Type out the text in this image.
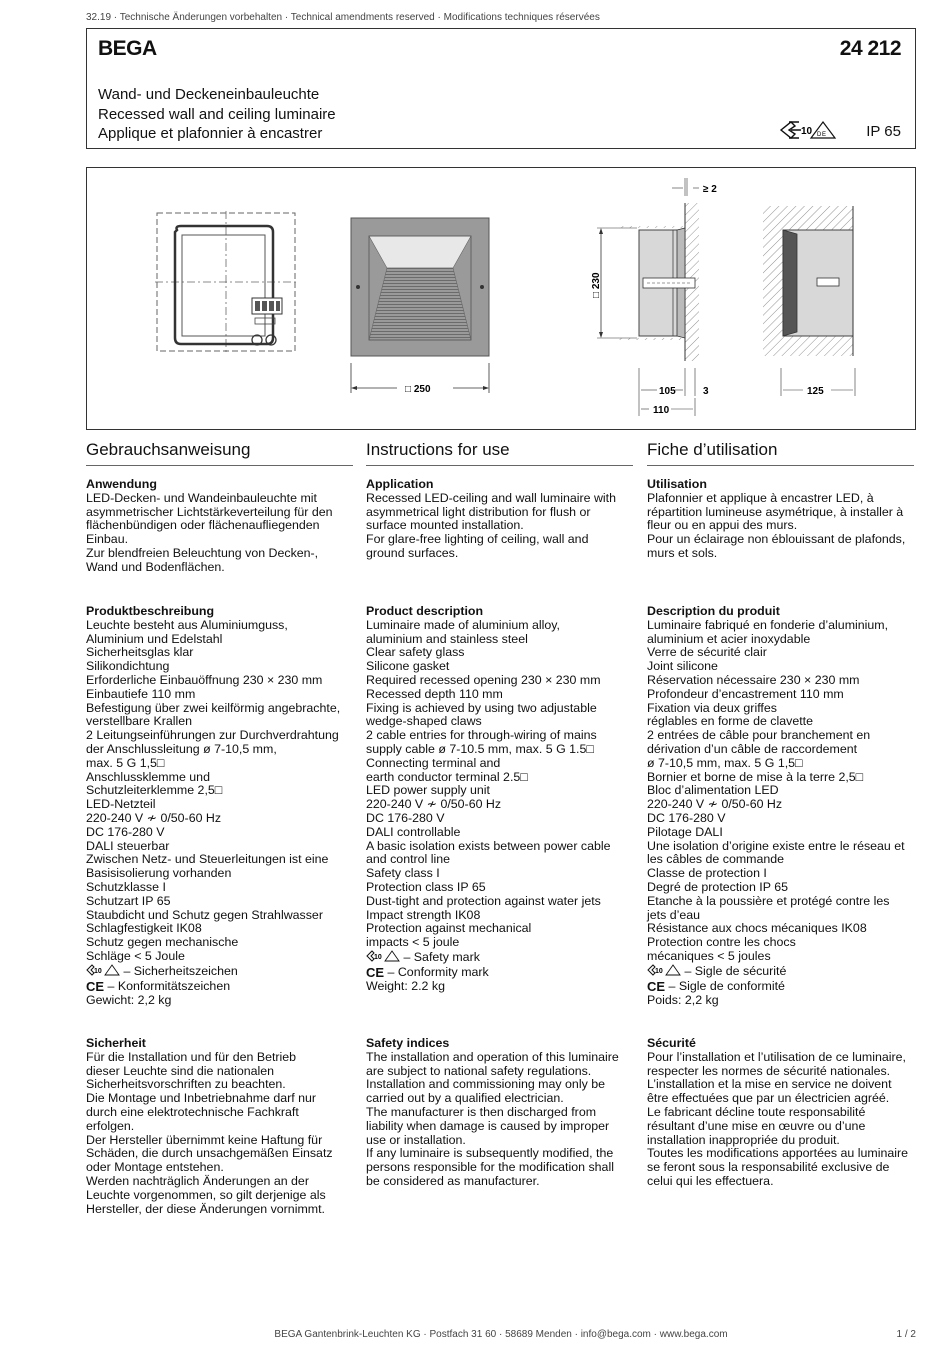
32.19 · Technische Änderungen vorbehalten · Technical amendments reserved · Modifications techniques réservées
BEGA	24 212
Wand- und Deckeneinbauleuchte
Recessed wall and ceiling luminaire
Applique et plafonnier à encastrer	10 D E	IP 65
□ 250
□ 230
≥ 2
105	3
110
125
Gebrauchsanweisung
Anwendung
LED-Decken- und Wandeinbauleuchte mit
asymmetrischer Lichtstärkeverteilung für den
flächenbündigen oder flächenaufliegenden
Einbau.
Zur blendfreien Beleuchtung von Decken-,
Wand und Bodenflächen.
Produktbeschreibung
Leuchte besteht aus Aluminiumguss,
Aluminium und Edelstahl
Sicherheitsglas klar
Silikondichtung
Erforderliche Einbauöffnung 230 × 230 mm
Einbautiefe 110 mm
Befestigung über zwei keilförmig angebrachte,
verstellbare Krallen
2 Leitungseinführungen zur Durchverdrahtung
der Anschlussleitung ø 7-10,5 mm,
max. 5 G 1,5□
Anschlussklemme und
Schutzleiterklemme 2,5□
LED-Netzteil
220-240 V ≁ 0/50-60 Hz
DC 176-280 V
DALI steuerbar
Zwischen Netz- und Steuerleitungen ist eine
Basisisolierung vorhanden
Schutzklasse I
Schutzart IP 65
Staubdicht und Schutz gegen Strahlwasser
Schlagfestigkeit IK08
Schutz gegen mechanische
Schläge < 5 Joule
10 – Sicherheitszeichen
CE – Konformitätszeichen
Gewicht: 2,2 kg
Sicherheit
Für die Installation und für den Betrieb
dieser Leuchte sind die nationalen
Sicherheitsvorschriften zu beachten.
Die Montage und Inbetriebnahme darf nur
durch eine elektrotechnische Fachkraft
erfolgen.
Der Hersteller übernimmt keine Haftung für
Schäden, die durch unsachgemäßen Einsatz
oder Montage entstehen.
Werden nachträglich Änderungen an der
Leuchte vorgenommen, so gilt derjenige als
Hersteller, der diese Änderungen vornimmt.
Instructions for use
Application
Recessed LED-ceiling and wall luminaire with
asymmetrical light distribution for flush or
surface mounted installation.
For glare-free lighting of ceiling, wall and
ground surfaces.
Product description
Luminaire made of aluminium alloy,
aluminium and stainless steel
Clear safety glass
Silicone gasket
Required recessed opening 230 × 230 mm
Recessed depth 110 mm
Fixing is achieved by using two adjustable
wedge-shaped claws
2 cable entries for through-wiring of mains
supply cable ø 7-10.5 mm, max. 5 G 1.5□
Connecting terminal and
earth conductor terminal 2.5□
LED power supply unit
220-240 V ≁ 0/50-60 Hz
DC 176-280 V
DALI controllable
A basic isolation exists between power cable
and control line
Safety class I
Protection class IP 65
Dust-tight and protection against water jets
Impact strength IK08
Protection against mechanical
impacts < 5 joule
10 – Safety mark
CE – Conformity mark
Weight: 2.2 kg
Safety indices
The installation and operation of this luminaire
are subject to national safety regulations.
Installation and commissioning may only be
carried out by a qualified electrician.
The manufacturer is then discharged from
liability when damage is caused by improper
use or installation.
If any luminaire is subsequently modified, the
persons responsible for the modification shall
be considered as manufacturer.
Fiche d’utilisation
Utilisation
Plafonnier et applique à encastrer LED, à
répartition lumineuse asymétrique, à installer à
fleur ou en appui des murs.
Pour un éclairage non éblouissant de plafonds,
murs et sols.
Description du produit
Luminaire fabriqué en fonderie d’aluminium,
aluminium et acier inoxydable
Verre de sécurité clair
Joint silicone
Réservation nécessaire 230 × 230 mm
Profondeur d’encastrement 110 mm
Fixation via deux griffes
réglables en forme de clavette
2 entrées de câble pour branchement en
dérivation d’un câble de raccordement
ø 7-10,5 mm, max. 5 G 1,5□
Bornier et borne de mise à la terre 2,5□
Bloc d’alimentation LED
220-240 V ≁ 0/50-60 Hz
DC 176-280 V
Pilotage DALI
Une isolation d’origine existe entre le réseau et
les câbles de commande
Classe de protection I
Degré de protection IP 65
Etanche à la poussière et protégé contre les
jets d’eau
Résistance aux chocs mécaniques IK08
Protection contre les chocs
mécaniques < 5 joules
10 – Sigle de sécurité
CE – Sigle de conformité
Poids: 2,2 kg
Sécurité
Pour l’installation et l’utilisation de ce luminaire,
respecter les normes de sécurité nationales.
L’installation et la mise en service ne doivent
être effectuées que par un électricien agréé.
Le fabricant décline toute responsabilité
résultant d’une mise en œuvre ou d’une
installation inappropriée du produit.
Toutes les modifications apportées au luminaire
se feront sous la responsabilité exclusive de
celui qui les effectuera.
BEGA Gantenbrink-Leuchten KG · Postfach 31 60 · 58689 Menden · info@bega.com · www.bega.com	1 / 2
